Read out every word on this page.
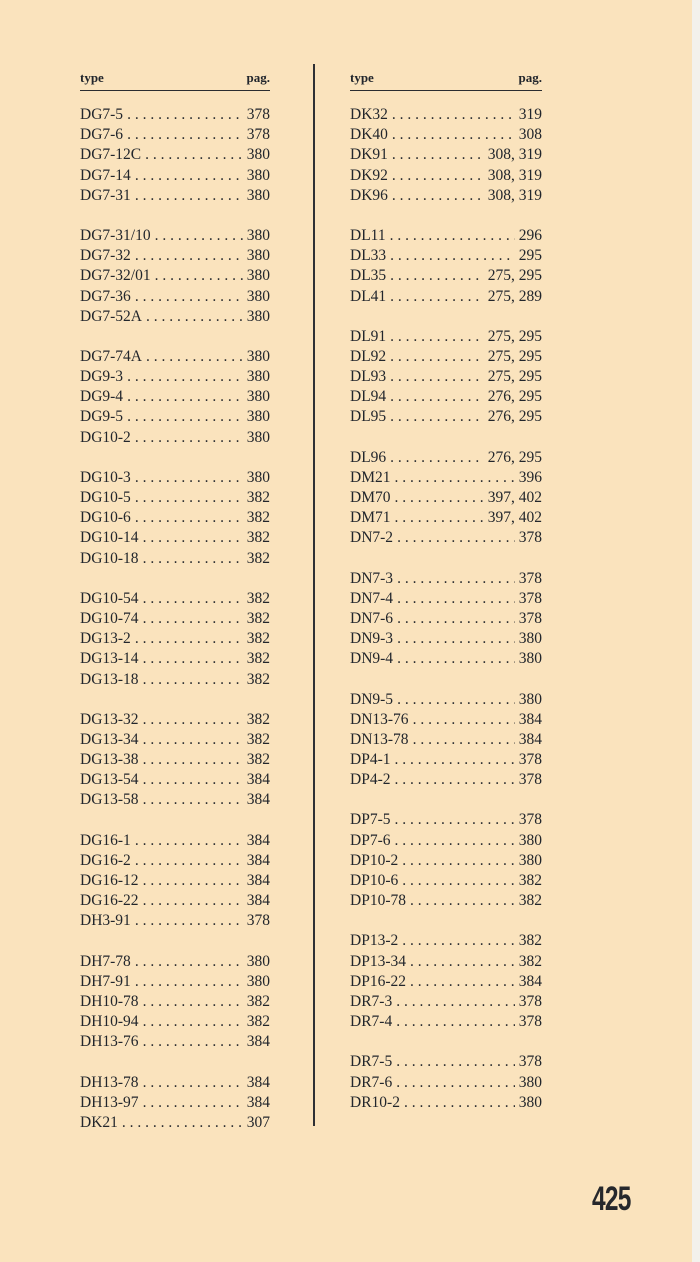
type	pag.
DG7-5 . . .	378
DG7-6 . . .	378
DG7-12C . . .	380
DG7-14 . . .	380
DG7-31 . . .	380
DG7-31/10 . . .	380
DG7-32 . . .	380
DG7-32/01 . . .	380
DG7-36 . . .	380
DG7-52A . . .	380
DG7-74A . . .	380
DG9-3 . . .	380
DG9-4 . . .	380
DG9-5 . . .	380
DG10-2 . . .	380
DG10-3 . . .	380
DG10-5 . . .	382
DG10-6 . . .	382
DG10-14 . . .	382
DG10-18 . . .	382
DG10-54 . . .	382
DG10-74 . . .	382
DG13-2 . . .	382
DG13-14 . . .	382
DG13-18 . . .	382
DG13-32 . . .	382
DG13-34 . . .	382
DG13-38 . . .	382
DG13-54 . . .	384
DG13-58 . . .	384
DG16-1 . . .	384
DG16-2 . . .	384
DG16-12 . . .	384
DG16-22 . . .	384
DH3-91 . . .	378
DH7-78 . . .	380
DH7-91 . . .	380
DH10-78 . . .	382
DH10-94 . . .	382
DH13-76 . . .	384
DH13-78 . . .	384
DH13-97 . . .	384
DK21 . . .	307
type	pag.
DK32 . . .	319
DK40 . . .	308
DK91 . . .	308, 319
DK92 . . .	308, 319
DK96 . . .	308, 319
DL11 . . .	296
DL33 . . .	295
DL35 . . .	275, 295
DL41 . . .	275, 289
DL91 . . .	275, 295
DL92 . . .	275, 295
DL93 . . .	275, 295
DL94 . . .	276, 295
DL95 . . .	276, 295
DL96 . . .	276, 295
DM21 . . .	396
DM70 . . .	397, 402
DM71 . . .	397, 402
DN7-2 . . .	378
DN7-3 . . .	378
DN7-4 . . .	378
DN7-6 . . .	378
DN9-3 . . .	380
DN9-4 . . .	380
DN9-5 . . .	380
DN13-76 . . .	384
DN13-78 . . .	384
DP4-1 . . .	378
DP4-2 . . .	378
DP7-5 . . .	378
DP7-6 . . .	380
DP10-2 . . .	380
DP10-6 . . .	382
DP10-78 . . .	382
DP13-2 . . .	382
DP13-34 . . .	382
DP16-22 . . .	384
DR7-3 . . .	378
DR7-4 . . .	378
DR7-5 . . .	378
DR7-6 . . .	380
DR10-2 . . .	380
425
